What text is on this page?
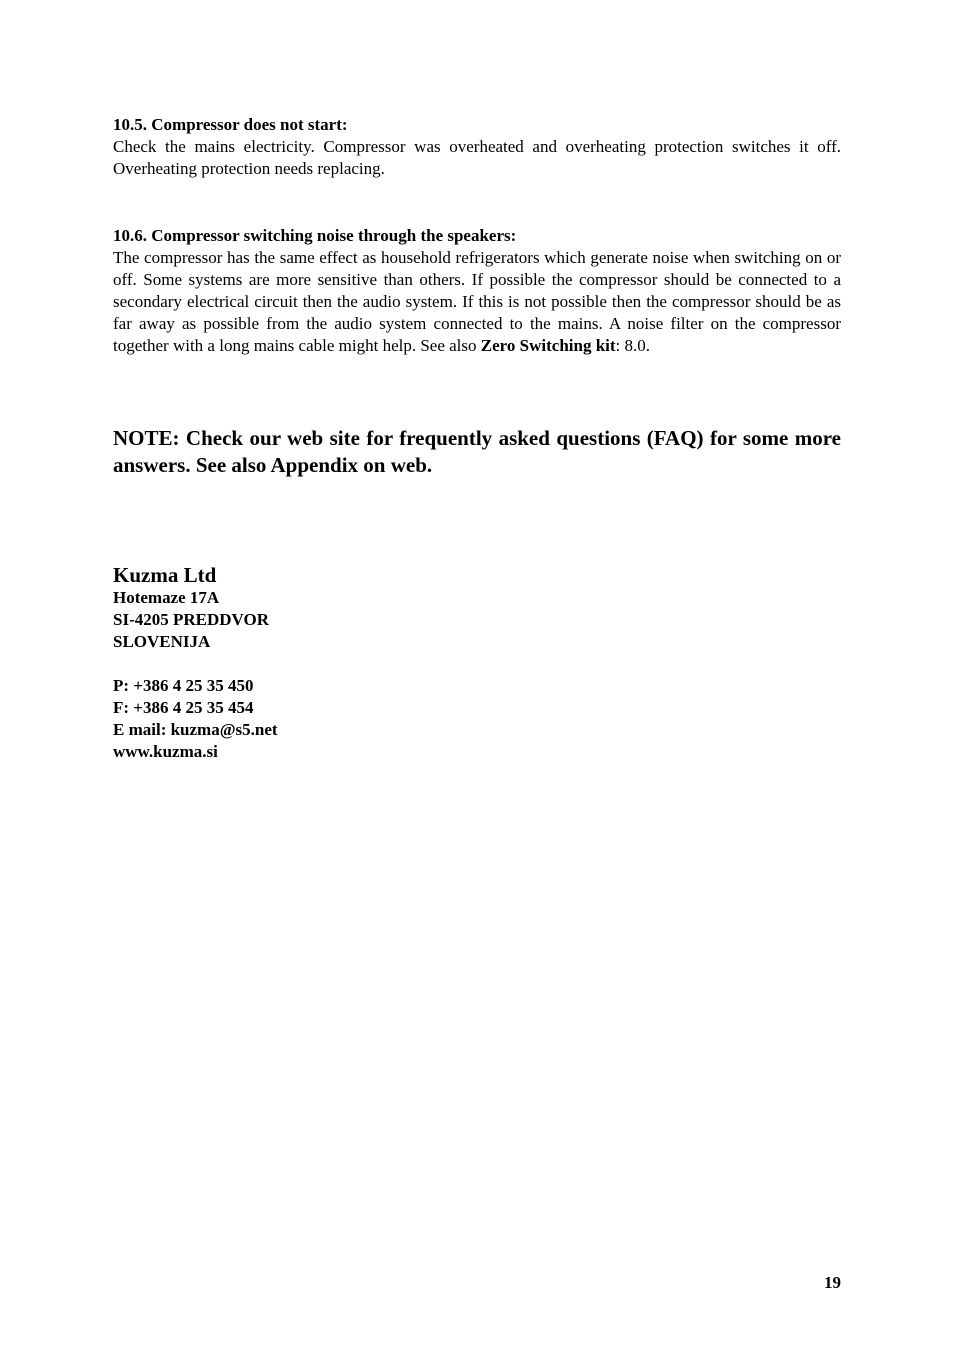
10.5. Compressor does not start:

Check the mains electricity. Compressor was overheated and overheating protection switches it off. Overheating protection needs replacing.

10.6. Compressor switching noise through the speakers:

The compressor has the same effect as household refrigerators which generate noise when switching on or off. Some systems are more sensitive than others. If possible the compressor should be connected to a secondary electrical circuit then the audio system. If this is not possible then the compressor should be as far away as possible from the audio system connected to the mains. A noise filter on the compressor together with a long mains cable might help. See also Zero Switching kit: 8.0.

NOTE: Check our web site for frequently asked questions (FAQ) for some more answers. See also Appendix on web.

Kuzma Ltd

Hotemaze 17A

SI-4205 PREDDVOR

SLOVENIJA

P: +386 4 25 35 450

F: +386 4 25 35 454

E mail: kuzma@s5.net

www.kuzma.si

19
